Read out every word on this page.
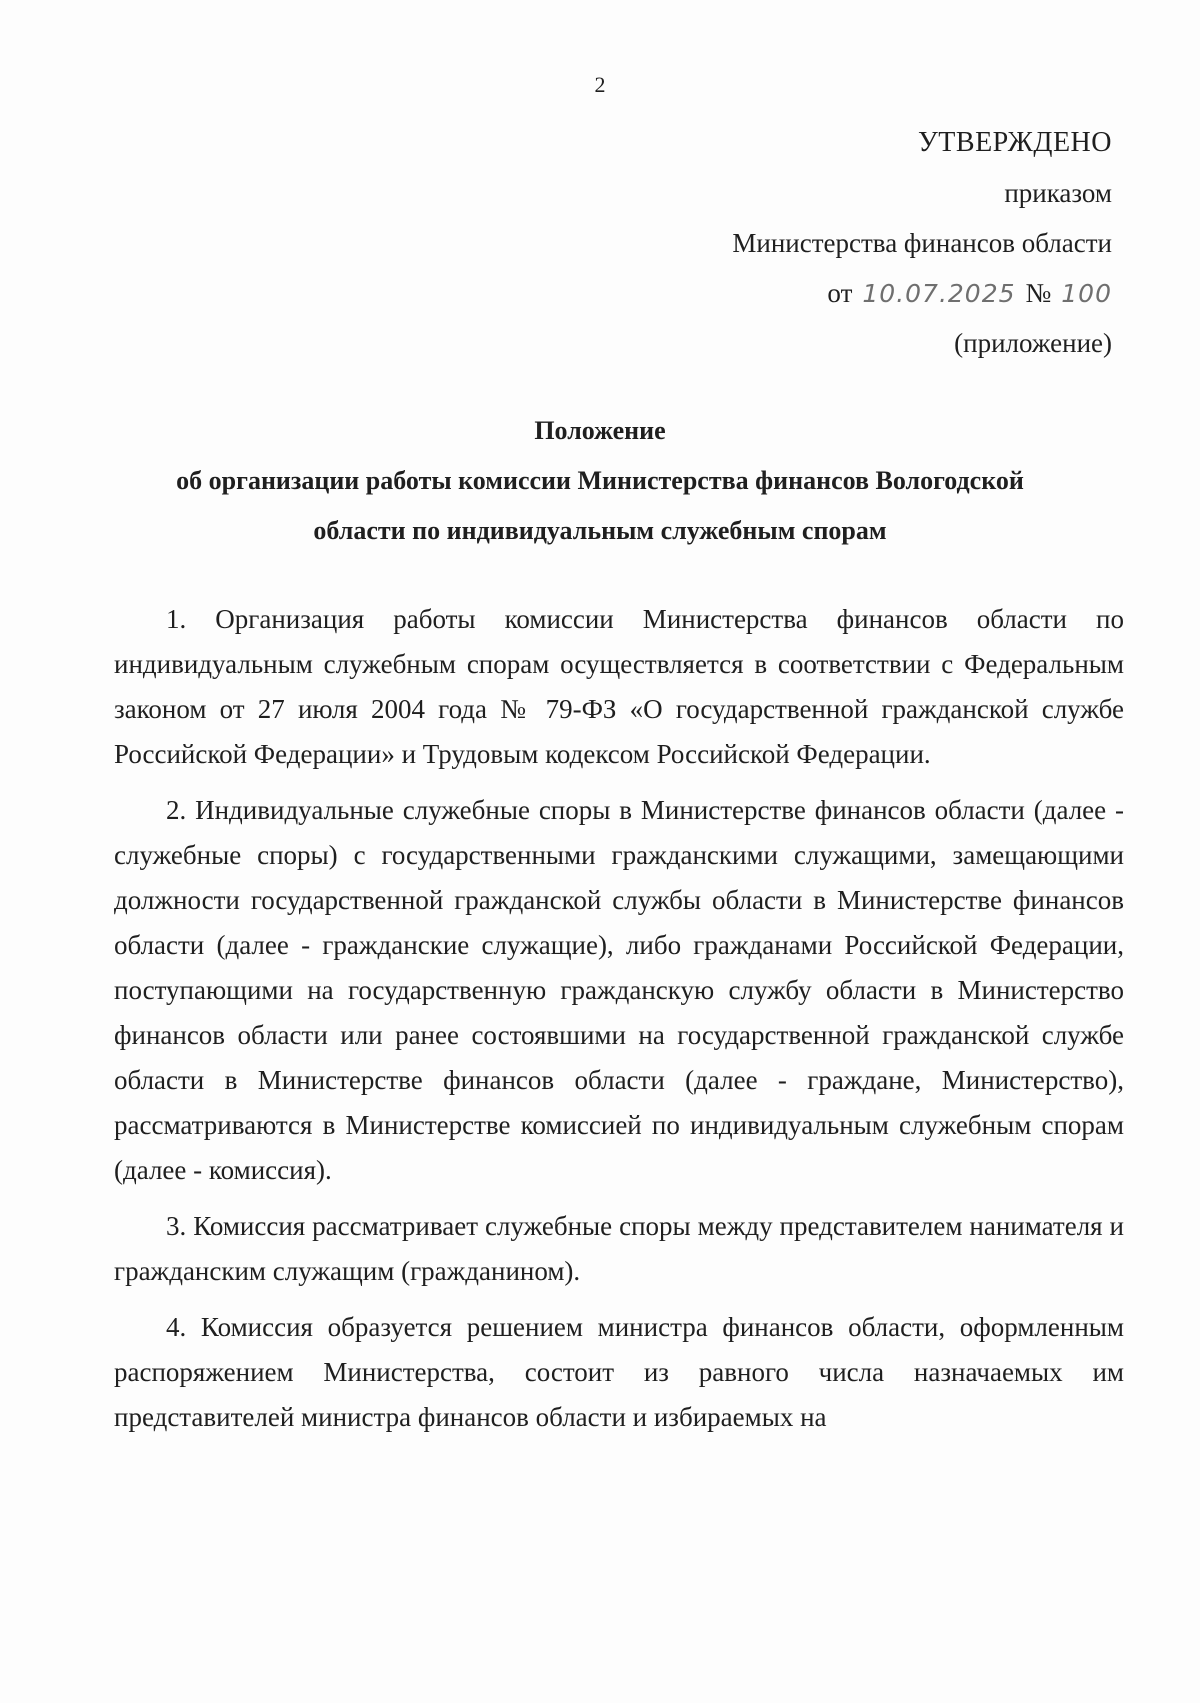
2
УТВЕРЖДЕНО
приказом
Министерства финансов области
от 10.07.2025 № 100
(приложение)
Положение
об организации работы комиссии Министерства финансов Вологодской
области по индивидуальным служебным спорам
1. Организация работы комиссии Министерства финансов области по индивидуальным служебным спорам осуществляется в соответствии с Федеральным законом от 27 июля 2004 года № 79-ФЗ «О государственной гражданской службе Российской Федерации» и Трудовым кодексом Российской Федерации.
2. Индивидуальные служебные споры в Министерстве финансов области (далее - служебные споры) с государственными гражданскими служащими, замещающими должности государственной гражданской службы области в Министерстве финансов области (далее - гражданские служащие), либо гражданами Российской Федерации, поступающими на государственную гражданскую службу области в Министерство финансов области или ранее состоявшими на государственной гражданской службе области в Министерстве финансов области (далее - граждане, Министерство), рассматриваются в Министерстве комиссией по индивидуальным служебным спорам (далее - комиссия).
3. Комиссия рассматривает служебные споры между представителем нанимателя и гражданским служащим (гражданином).
4. Комиссия образуется решением министра финансов области, оформленным распоряжением Министерства, состоит из равного числа назначаемых им представителей министра финансов области и избираемых на
